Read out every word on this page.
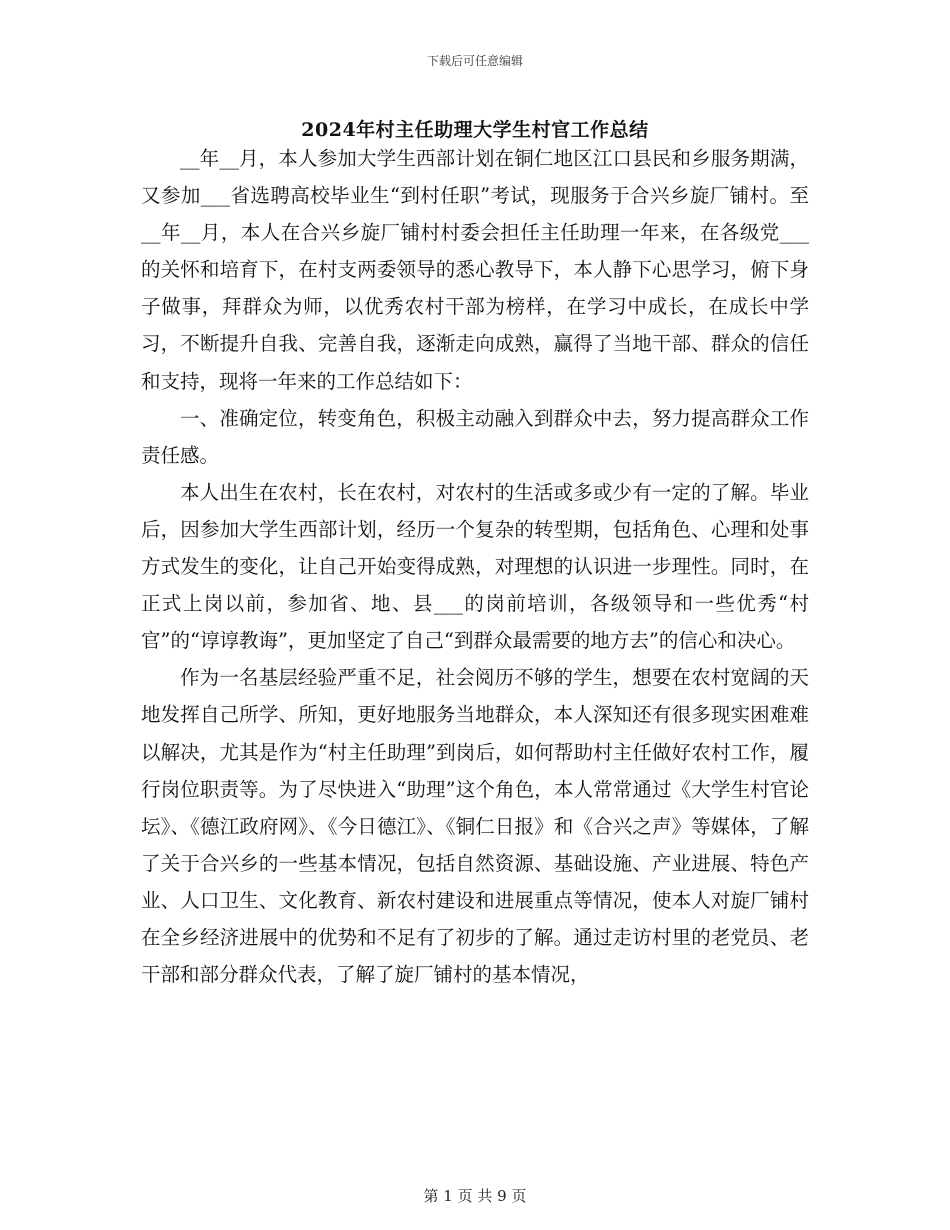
下载后可任意编辑
2024年村主任助理大学生村官工作总结

__年__月，本人参加大学生西部计划在铜仁地区江口县民和乡服务期满，又参加___省选聘高校毕业生“到村任职”考试，现服务于合兴乡旋厂铺村。至__年__月，本人在合兴乡旋厂铺村村委会担任主任助理一年来，在各级党___的关怀和培育下，在村支两委领导的悉心教导下，本人静下心思学习，俯下身子做事，拜群众为师，以优秀农村干部为榜样，在学习中成长，在成长中学习，不断提升自我、完善自我，逐渐走向成熟，赢得了当地干部、群众的信任和支持，现将一年来的工作总结如下：

一、准确定位，转变角色，积极主动融入到群众中去，努力提高群众工作责任感。

本人出生在农村，长在农村，对农村的生活或多或少有一定的了解。毕业后，因参加大学生西部计划，经历一个复杂的转型期，包括角色、心理和处事方式发生的变化，让自己开始变得成熟，对理想的认识进一步理性。同时，在正式上岗以前，参加省、地、县___的岗前培训，各级领导和一些优秀“村官”的“谆谆教诲”，更加坚定了自己“到群众最需要的地方去”的信心和决心。

作为一名基层经验严重不足，社会阅历不够的学生，想要在农村宽阔的天地发挥自己所学、所知，更好地服务当地群众，本人深知还有很多现实困难难以解决，尤其是作为“村主任助理”到岗后，如何帮助村主任做好农村工作，履行岗位职责等。为了尽快进入“助理”这个角色，本人常常通过《大学生村官论坛》、《德江政府网》、《今日德江》、《铜仁日报》和《合兴之声》等媒体，了解了关于合兴乡的一些基本情况，包括自然资源、基础设施、产业进展、特色产业、人口卫生、文化教育、新农村建设和进展重点等情况，使本人对旋厂铺村在全乡经济进展中的优势和不足有了初步的了解。通过走访村里的老党员、老干部和部分群众代表，了解了旋厂铺村的基本情况，

第 1 页 共 9 页
